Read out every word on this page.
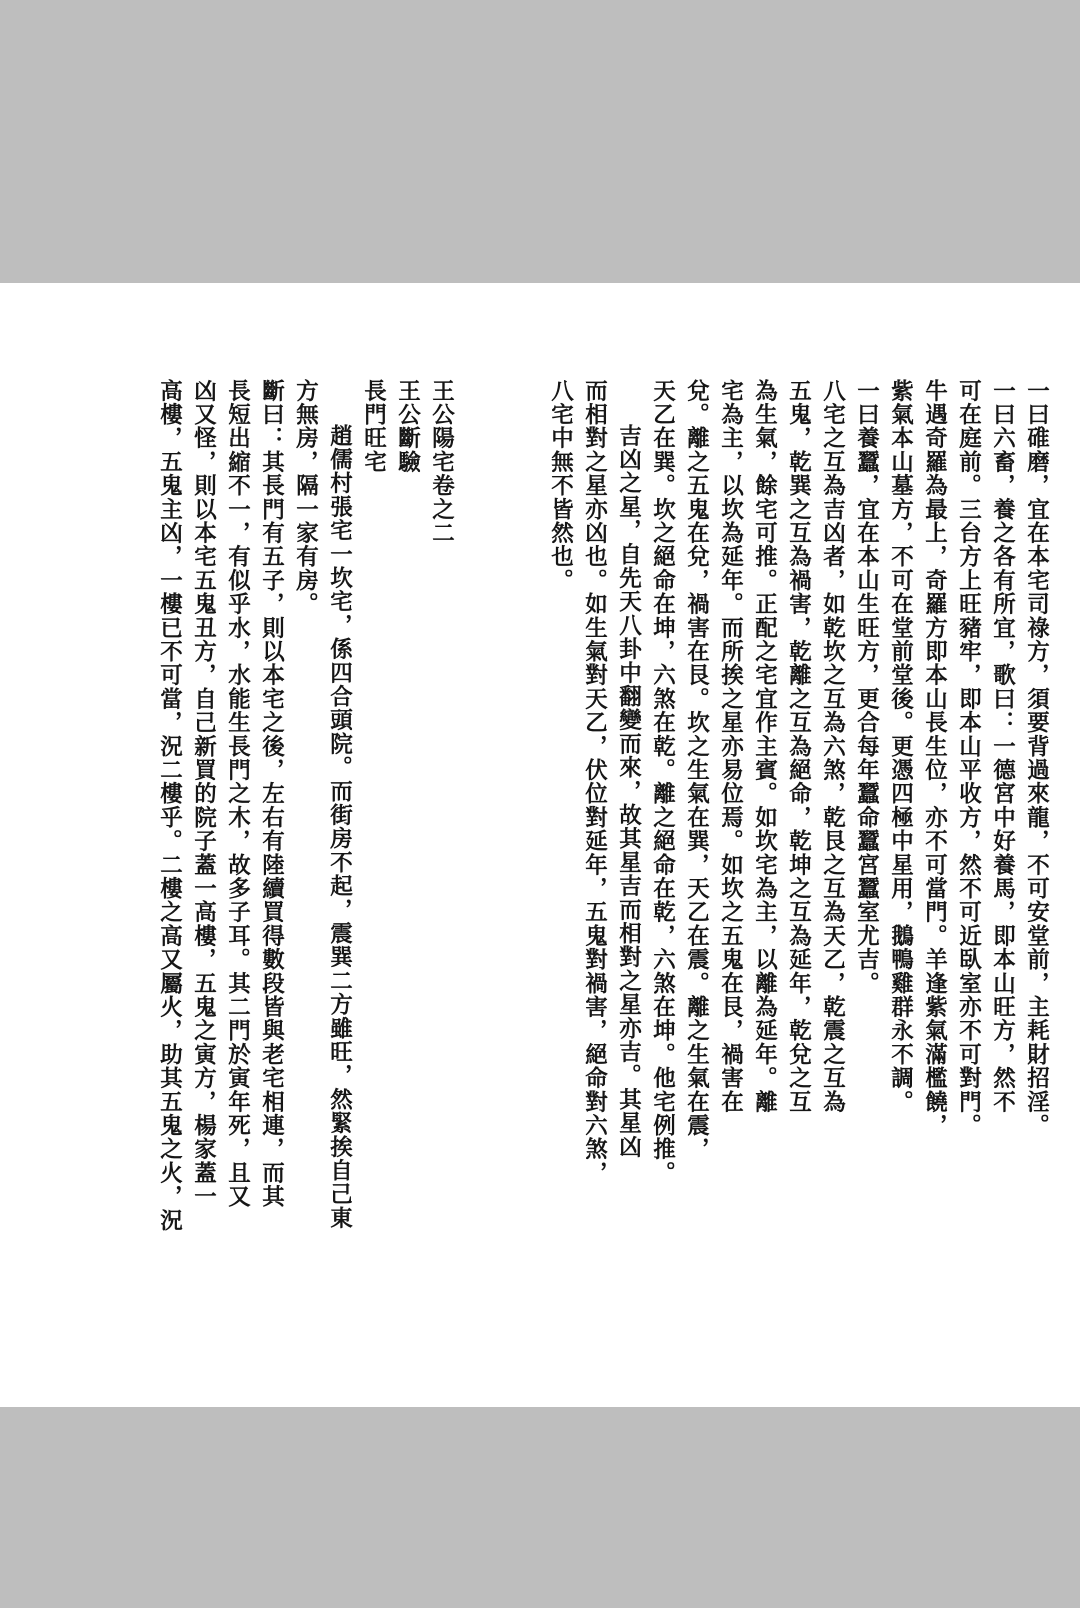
一曰碓磨，宜在本宅司祿方，須要背過來龍，不可安堂前，主耗財招淫。
一曰六畜，養之各有所宜，歌曰：一德宮中好養馬，即本山旺方，然不
可在庭前。三台方上旺豬牢，即本山平收方，然不可近臥室亦不可對門。
牛遇奇羅為最上，奇羅方即本山長生位，亦不可當門。羊逢紫氣滿檻饒，
紫氣本山墓方，不可在堂前堂後。更憑四極中星用，鵝鴨雞群永不調。
一曰養蠶，宜在本山生旺方，更合每年蠶命蠶宮蠶室尤吉。
八宅之互為吉凶者，如乾坎之互為六煞，乾艮之互為天乙，乾震之互為
五鬼，乾巽之互為禍害，乾離之互為絕命，乾坤之互為延年，乾兌之互
為生氣，餘宅可推。正配之宅宜作主賓。如坎宅為主，以離為延年。離
宅為主，以坎為延年。而所挨之星亦易位焉。如坎之五鬼在艮，禍害在
兌。離之五鬼在兌，禍害在艮。坎之生氣在巽，天乙在震。離之生氣在震，
天乙在巽。坎之絕命在坤，六煞在乾。離之絕命在乾，六煞在坤。他宅例推。
吉凶之星，自先天八卦中翻變而來，故其星吉而相對之星亦吉。其星凶
而相對之星亦凶也。如生氣對天乙，伏位對延年，五鬼對禍害，絕命對六煞，
八宅中無不皆然也。
王公陽宅卷之二
王公斷驗
長門旺宅
趙儒村張宅一坎宅，係四合頭院。而街房不起，震巽二方雖旺，然緊挨自己東
方無房，隔一家有房。
斷曰：其長門有五子，則以本宅之後，左右有陸續買得數段皆與老宅相連，而其
長短出縮不一，有似乎水，水能生長門之木，故多子耳。其二門於寅年死，且又
凶又怪，則以本宅五鬼丑方，自己新買的院子蓋一高樓，五鬼之寅方，楊家蓋一
高樓，五鬼主凶，一樓已不可當，況二樓乎。二樓之高又屬火，助其五鬼之火，況
